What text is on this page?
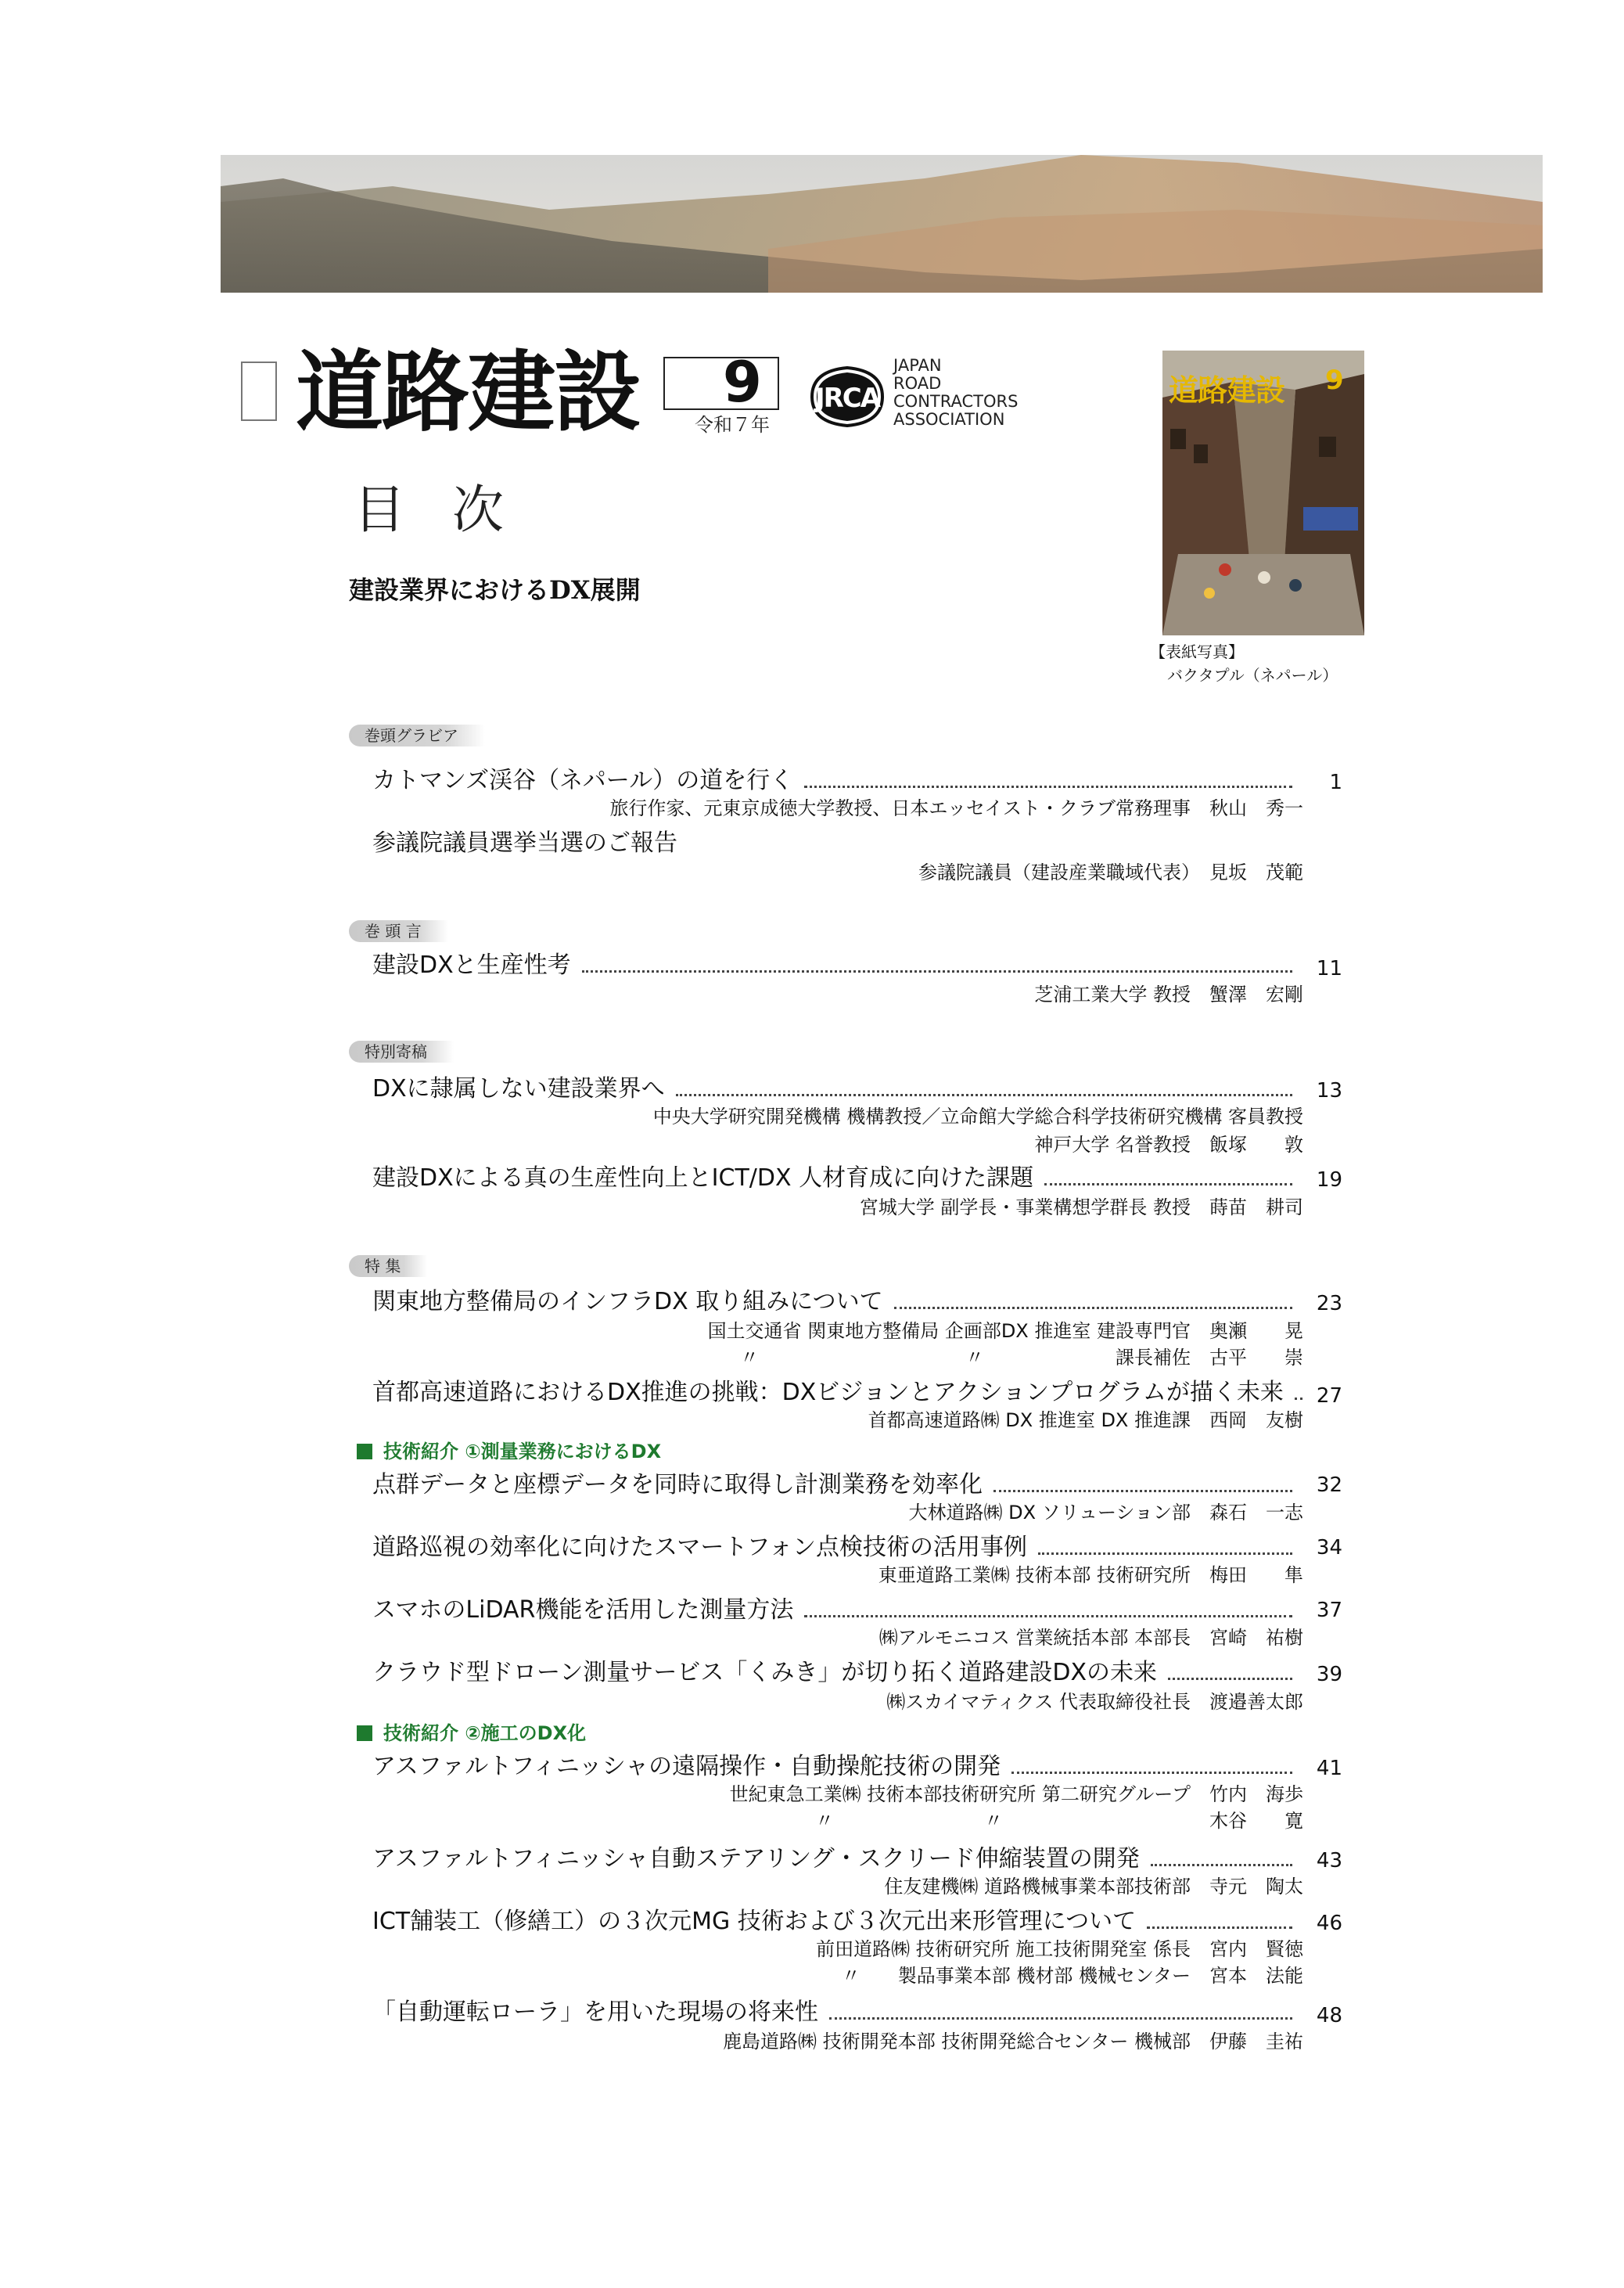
道路建設	9
令和７年
JRCA
JAPAN
ROAD
CONTRACTORS
ASSOCIATION
道路建設 9
【表紙写真】
バクタプル（ネパール）
目次
建設業界におけるDX展開
巻頭グラビア
カトマンズ渓谷（ネパール）の道を行く	1
旅行作家、元東京成徳大学教授、日本エッセイスト・クラブ常務理事　秋山　秀一
参議院議員選挙当選のご報告
参議院議員（建設産業職域代表）　見坂　茂範
巻 頭 言
建設DXと生産性考	11
芝浦工業大学 教授　蟹澤　宏剛
特別寄稿
DXに隷属しない建設業界へ	13
中央大学研究開発機構 機構教授／立命館大学総合科学技術研究機構 客員教授
神戸大学 名誉教授　飯塚　　敦
建設DXによる真の生産性向上とICT/DX 人材育成に向けた課題	19
宮城大学 副学長・事業構想学群長 教授　蒔苗　耕司
特 集
関東地方整備局のインフラDX 取り組みについて	23
国土交通省 関東地方整備局 企画部DX 推進室 建設専門官　奥瀬　　晃
〃　　　　　　　　　　　〃　　　　　　　課長補佐　古平　　崇
首都高速道路におけるDX推進の挑戦：DXビジョンとアクションプログラムが描く未来 27
首都高速道路㈱ DX 推進室 DX 推進課　西岡　友樹
技術紹介 ①測量業務におけるDX
点群データと座標データを同時に取得し計測業務を効率化	32
大林道路㈱ DX ソリューション部　森石　一志
道路巡視の効率化に向けたスマートフォン点検技術の活用事例	34
東亜道路工業㈱ 技術本部 技術研究所　梅田　　隼
スマホのLiDAR機能を活用した測量方法	37
㈱アルモニコス 営業統括本部 本部長　宮崎　祐樹
クラウド型ドローン測量サービス「くみき」が切り拓く道路建設DXの未来	39
㈱スカイマティクス 代表取締役社長　渡邉善太郎
技術紹介 ②施工のDX化
アスファルトフィニッシャの遠隔操作・自動操舵技術の開発	41
世紀東急工業㈱ 技術本部技術研究所 第二研究グループ　竹内　海歩
〃　　　　　　　　〃　　　　　　　　　　　木谷　　寛
アスファルトフィニッシャ自動ステアリング・スクリード伸縮装置の開発	43
住友建機㈱ 道路機械事業本部技術部　寺元　陶太
ICT舗装工（修繕工）の３次元MG 技術および３次元出来形管理について	46
前田道路㈱ 技術研究所 施工技術開発室 係長　宮内　賢徳
〃　　製品事業本部 機材部 機械センター　宮本　法能
「自動運転ローラ」を用いた現場の将来性	48
鹿島道路㈱ 技術開発本部 技術開発総合センター 機械部　伊藤　圭祐
